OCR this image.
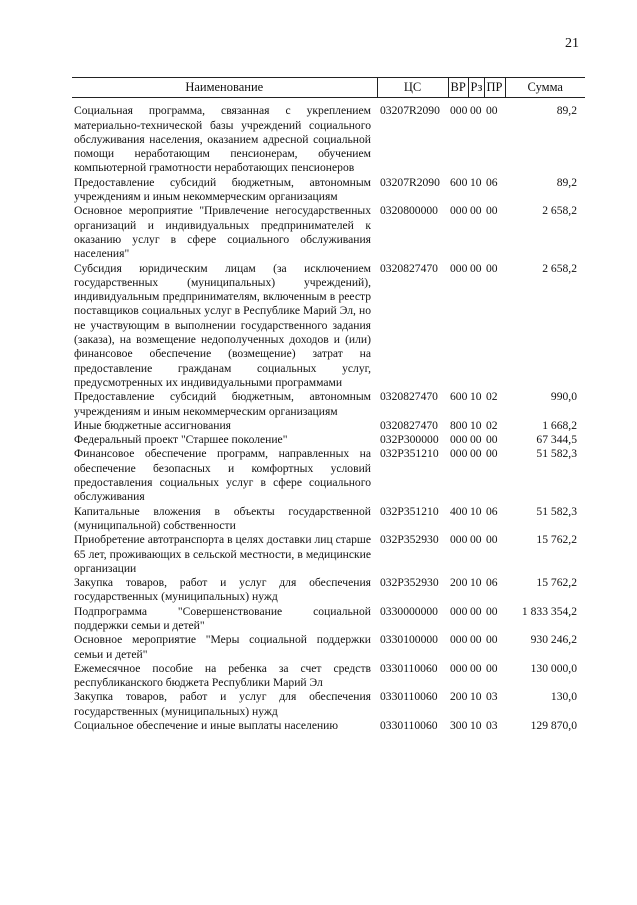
21
Наименование	ЦС	ВР	Рз	ПР	Сумма
Социальная программа, связанная с укреплением материально-технической базы учреждений социального обслуживания населения, оказанием адресной социальной помощи неработающим пенсионерам, обучением компьютерной грамотности неработающих пенсионеров	03207R2090	000	00	00	89,2
Предоставление субсидий бюджетным, автономным учреждениям и иным некоммерческим организациям	03207R2090	600	10	06	89,2
Основное мероприятие "Привлечение негосударственных организаций и индивидуальных предпринимателей к оказанию услуг в сфере социального обслуживания населения"	0320800000	000	00	00	2 658,2
Субсидия юридическим лицам (за исключением государственных (муниципальных) учреждений), индивидуальным предпринимателям, включенным в реестр поставщиков социальных услуг в Республике Марий Эл, но не участвующим в выполнении государственного задания (заказа), на возмещение недополученных доходов и (или) финансовое обеспечение (возмещение) затрат на предоставление гражданам социальных услуг, предусмотренных их индивидуальными программами	0320827470	000	00	00	2 658,2
Предоставление субсидий бюджетным, автономным учреждениям и иным некоммерческим организациям	0320827470	600	10	02	990,0
Иные бюджетные ассигнования	0320827470	800	10	02	1 668,2
Федеральный проект "Старшее поколение"	032P300000	000	00	00	67 344,5
Финансовое обеспечение программ, направленных на обеспечение безопасных и комфортных условий предоставления социальных услуг в сфере социального обслуживания	032P351210	000	00	00	51 582,3
Капитальные вложения в объекты государственной (муниципальной) собственности	032P351210	400	10	06	51 582,3
Приобретение автотранспорта в целях доставки лиц старше 65 лет, проживающих в сельской местности, в медицинские организации	032P352930	000	00	00	15 762,2
Закупка товаров, работ и услуг для обеспечения государственных (муниципальных) нужд	032P352930	200	10	06	15 762,2
Подпрограмма "Совершенствование социальной поддержки семьи и детей"	0330000000	000	00	00	1 833 354,2
Основное мероприятие "Меры социальной поддержки семьи и детей"	0330100000	000	00	00	930 246,2
Ежемесячное пособие на ребенка за счет средств республиканского бюджета Республики Марий Эл	0330110060	000	00	00	130 000,0
Закупка товаров, работ и услуг для обеспечения государственных (муниципальных) нужд	0330110060	200	10	03	130,0
Социальное обеспечение и иные выплаты населению	0330110060	300	10	03	129 870,0
